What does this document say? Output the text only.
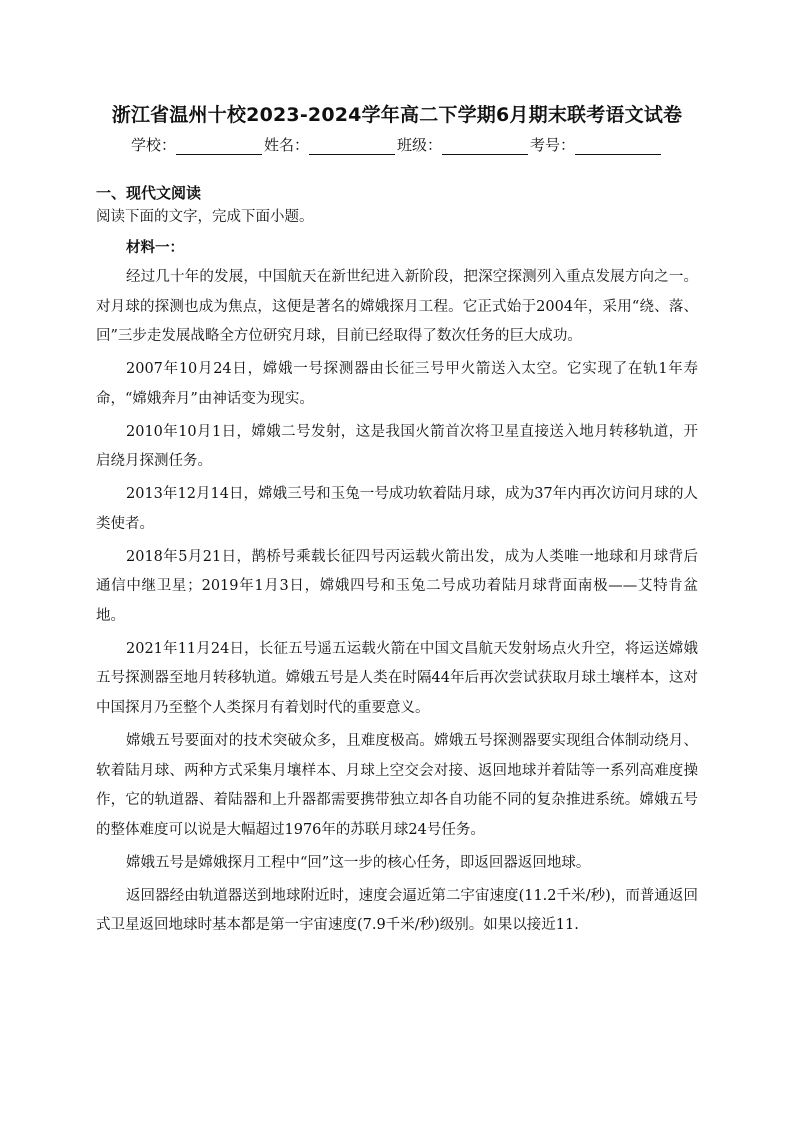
浙江省温州十校2023-2024学年高二下学期6月期末联考语文试卷
学校：	姓名：	班级：	考号：
一、现代文阅读
阅读下面的文字，完成下面小题。
材料一：

经过几十年的发展，中国航天在新世纪进入新阶段，把深空探测列入重点发展方向之一。对月球的探测也成为焦点，这便是著名的嫦娥探月工程。它正式始于2004年，采用“绕、落、回”三步走发展战略全方位研究月球，目前已经取得了数次任务的巨大成功。

2007年10月24日，嫦娥一号探测器由长征三号甲火箭送入太空。它实现了在轨1年寿命，“嫦娥奔月”由神话变为现实。

2010年10月1日，嫦娥二号发射，这是我国火箭首次将卫星直接送入地月转移轨道，开启绕月探测任务。

2013年12月14日，嫦娥三号和玉兔一号成功软着陆月球，成为37年内再次访问月球的人类使者。

2018年5月21日，鹊桥号乘载长征四号丙运载火箭出发，成为人类唯一地球和月球背后通信中继卫星；2019年1月3日，嫦娥四号和玉兔二号成功着陆月球背面南极——艾特肯盆地。

2021年11月24日，长征五号遥五运载火箭在中国文昌航天发射场点火升空，将运送嫦娥五号探测器至地月转移轨道。嫦娥五号是人类在时隔44年后再次尝试获取月球土壤样本，这对中国探月乃至整个人类探月有着划时代的重要意义。

嫦娥五号要面对的技术突破众多，且难度极高。嫦娥五号探测器要实现组合体制动绕月、软着陆月球、两种方式采集月壤样本、月球上空交会对接、返回地球并着陆等一系列高难度操作，它的轨道器、着陆器和上升器都需要携带独立却各自功能不同的复杂推进系统。嫦娥五号的整体难度可以说是大幅超过1976年的苏联月球24号任务。

嫦娥五号是嫦娥探月工程中“回”这一步的核心任务，即返回器返回地球。

返回器经由轨道器送到地球附近时，速度会逼近第二宇宙速度(11.2千米/秒)，而普通返回式卫星返回地球时基本都是第一宇宙速度(7.9千米/秒)级别。如果以接近11.
